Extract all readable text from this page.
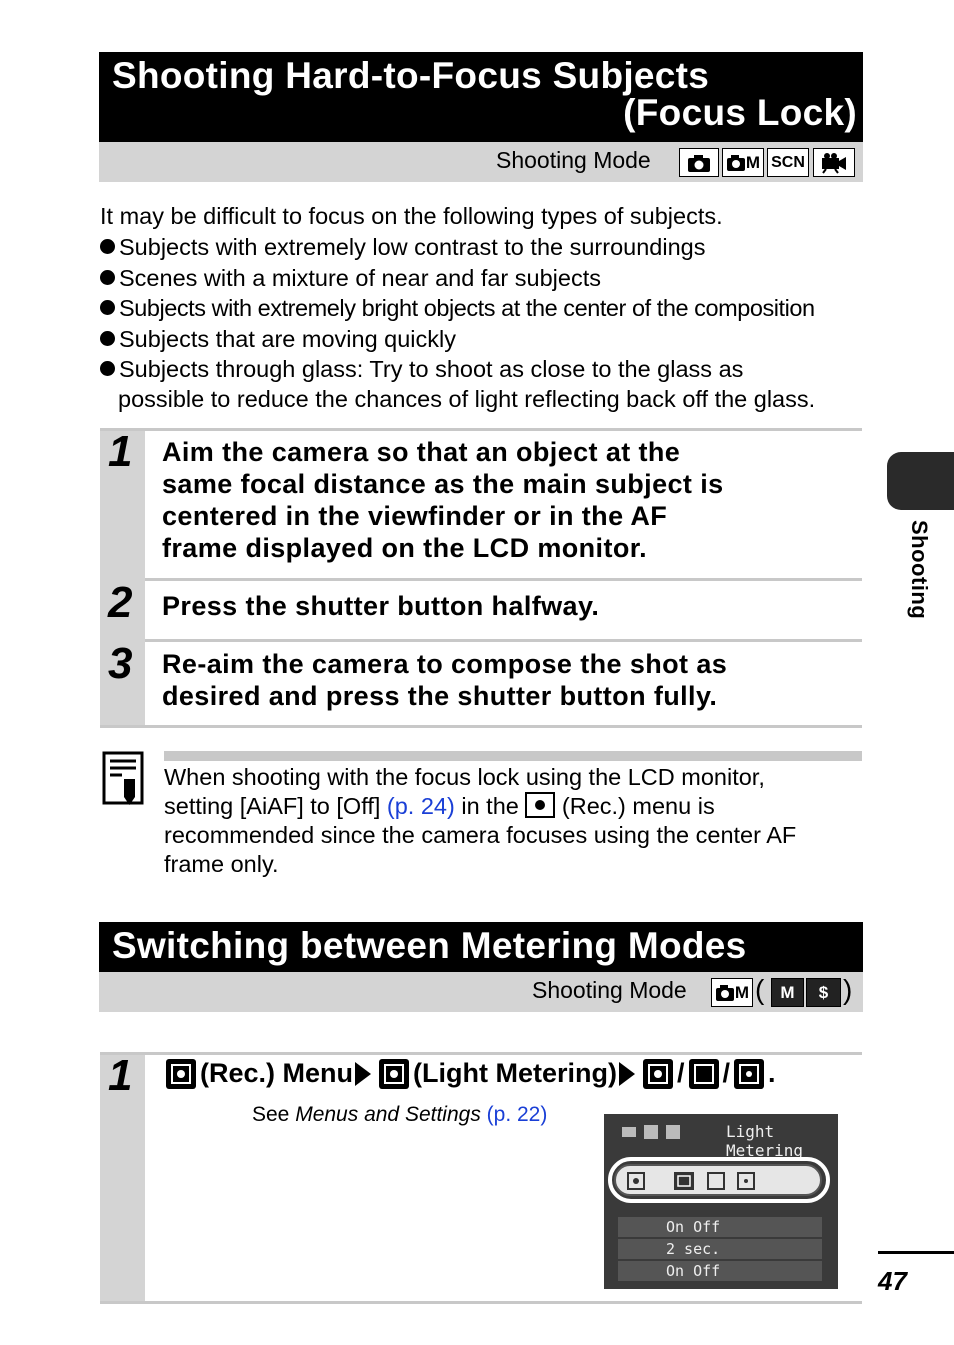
Shooting Hard-to-Focus Subjects
(Focus Lock)
Shooting Mode	M SCN
It may be difficult to focus on the following types of subjects.
Subjects with extremely low contrast to the surroundings
Scenes with a mixture of near and far subjects
Subjects with extremely bright objects at the center of the composition
Subjects that are moving quickly
Subjects through glass: Try to shoot as close to the glass as
possible to reduce the chances of light reflecting back off the glass.
1 Aim the camera so that an object at the
same focal distance as the main subject is
centered in the viewfinder or in the AF
frame displayed on the LCD monitor.
2 Press the shutter button halfway.
3 Re-aim the camera to compose the shot as
desired and press the shutter button fully.
When shooting with the focus lock using the LCD monitor,
setting [AiAF] to [Off] (p. 24) in the
(Rec.) menu is
recommended since the camera focuses using the center AF
frame only.
Switching between Metering Modes
Shooting Mode	M ( M	$ )
1	(Rec.) Menu (Light Metering) / / .
See Menus and Settings (p. 22)
Light Metering
On Off
2 sec.
On Off
Shooting
47
